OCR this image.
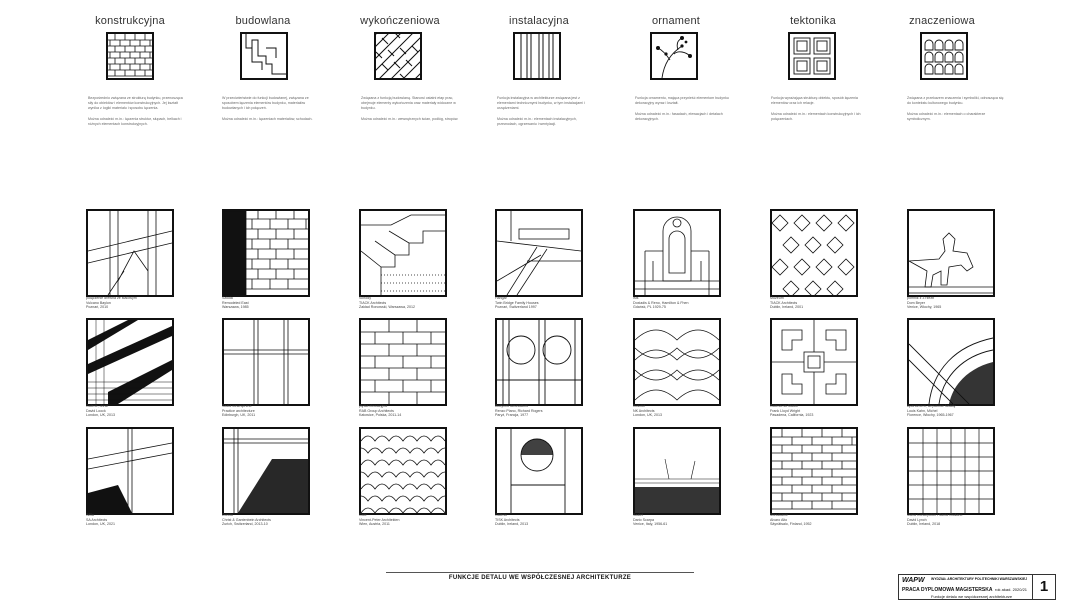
konstrukcyjna	budowlana	wykończeniowa	instalacyjna	ornament	tektonika	znaczeniowa

Bezpośrednio związana ze strukturą budynku, przenosząca siły do obiektów i elementów konstrukcyjnych. Jej kształt wynika z logiki materiału i sposobu łączenia.

Można odnaleźć m.in.: łączenia struktur, słupach, belkach i różnych elementach konstrukcyjnych.

W przeciwieństwie do funkcji budowlanej, związana ze sposobem łączenia elementów budynku, materiałów budowlanych i ich połączeń.

Można odnaleźć m.in.: łączeniach materiałów, schodach.

Związana z funkcją budowlaną. Stanowi ostatni etap prac, obejmuje elementy wykończenia oraz materiały widoczne w budynku.

Można odnaleźć m.in.: wewnętrznych ścian, podłóg, stropów.

Funkcja instalacyjna w architekturze związana jest z elementami technicznymi budynku, w tym instalacjami i urządzeniami.

Można odnaleźć m.in.: elementach instalacyjnych, przewodach, ogrzewaniu i wentylacji.

Funkcja ornamentu, mająca przynieść elementom budynku dekoracyjny wyraz i kształt.

Można odnaleźć m.in.: fasadach, elewacjach i detalach dekoracyjnych.

Funkcja wyrażająca strukturę obiektu, sposób łączenia elementów oraz ich relacje.

Można odnaleźć m.in.: elementach konstrukcyjnych i ich połączeniach.

Związana z przekazem znaczenia i symboliki, odnosząca się do kontekstu kulturowego budynku.

Można odnaleźć m.in.: elementach o charakterze symbolicznym.

połączenie drewna ze stalowym
Vulcano Baylon
Poznań, 2010
Szkoła
Remodeled East
Warszawa, 1985
Schody
TIACK Architects
Zakład Ronowski, Warszawa, 2012
Hangar
Twin Bridge Family Houses
Poznań, Switzerland 1997
Isis
Doxiadis & Reno, Hamilton & Fhen
Gdańsk, PL 1929-75
Muzeum
TIACK Architects
Dublin, Ireland, 2001
pomnik z 3 rzeźb
Dom Beyer
Venice, Włochy, 1965
Galerie, drzwi
David Loock
London, UK, 2013
Szafa wewnętrzna
Practice architecture
Edinburgh, UK, 2011
płytka elewacyjna
RAB Group Architects
Katowice, Polska, 2011-14
Budynek dwunastow
Renzo Piano, Richard Rogers
Paryż, Francja, 1977
Kościół
NK Architects
London, UK, 2013
Galeria na Stadio
Frank Lloyd Wright
Pasadena, California, 1923
Apartament, wejściowe fasady
Louis Kahn, Michel
Florence, Włochy, 1965-1967
Willa
SA Architects
London, UK, 2021
Dorota
Christ & Gantenbein Architects
Zurich, Switzerland, 2013-10
Cafe
Vincent-Peter Architekten
Wien, Austria, 2011
Galeria
TISK Architects
Dublin, Ireland, 2013
Szalet
Dario Scarpa
Venice, Italy, 1956-61
Mieszkanie
Alvaro Alto
Säynätsalo, Finland, 1952
Maria Concepción i Santa Giuliano
David Lynch
Dublin, Ireland, 2018
FUNKCJE DETALU WE WSPÓŁCZESNEJ ARCHITEKTURZE	WAPW WYDZIAŁ ARCHITEKTURY POLITECHNIKI WARSZAWSKIEJ
PRACA DYPLOMOWA MAGISTERSKA rok akad. 2020/21
Funkcje detalu we współczesnej architekturze
1
